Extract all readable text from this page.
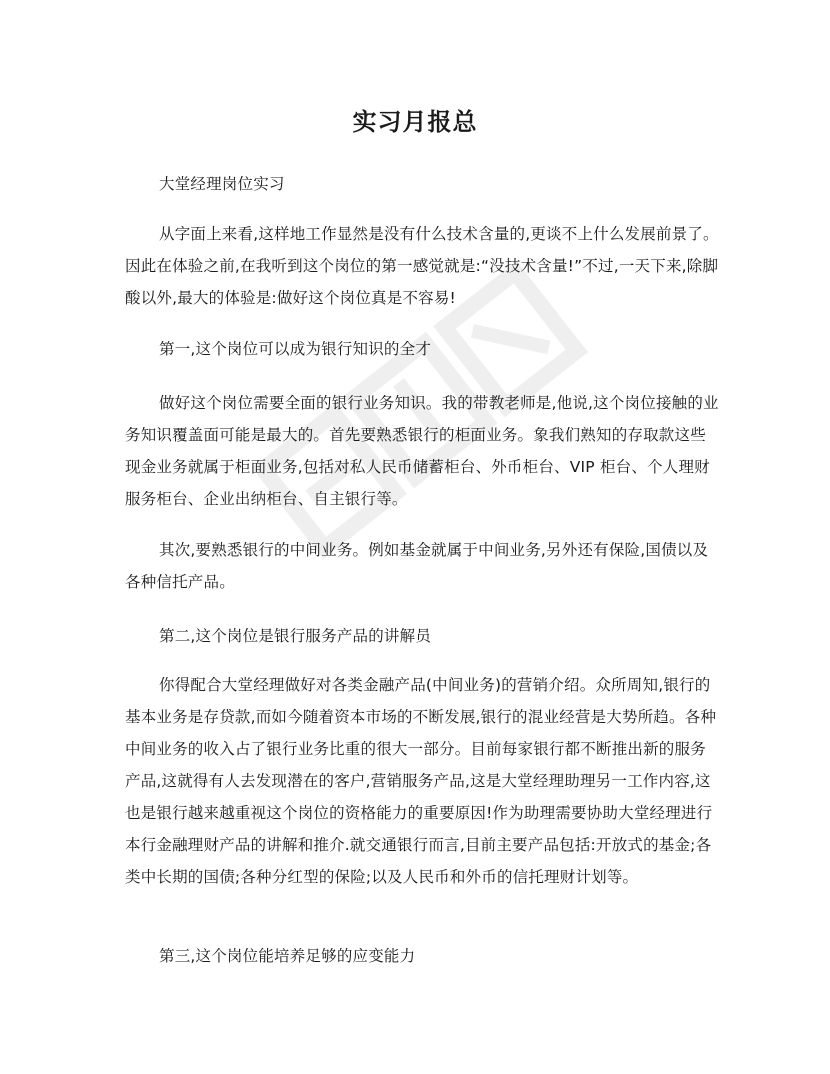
实习月报总
大堂经理岗位实习
从字面上来看,这样地工作显然是没有什么技术含量的,更谈不上什么发展前景了。因此在体验之前,在我听到这个岗位的第一感觉就是:“没技术含量!”不过,一天下来,除脚酸以外,最大的体验是:做好这个岗位真是不容易!
第一,这个岗位可以成为银行知识的全才
做好这个岗位需要全面的银行业务知识。我的带教老师是,他说,这个岗位接触的业务知识覆盖面可能是最大的。首先要熟悉银行的柜面业务。象我们熟知的存取款这些现金业务就属于柜面业务,包括对私人民币储蓄柜台、外币柜台、VIP 柜台、个人理财服务柜台、企业出纳柜台、自主银行等。
其次,要熟悉银行的中间业务。例如基金就属于中间业务,另外还有保险,国债以及各种信托产品。
第二,这个岗位是银行服务产品的讲解员
你得配合大堂经理做好对各类金融产品(中间业务)的营销介绍。众所周知,银行的基本业务是存贷款,而如今随着资本市场的不断发展,银行的混业经营是大势所趋。各种中间业务的收入占了银行业务比重的很大一部分。目前每家银行都不断推出新的服务产品,这就得有人去发现潜在的客户,营销服务产品,这是大堂经理助理另一工作内容,这也是银行越来越重视这个岗位的资格能力的重要原因!作为助理需要协助大堂经理进行本行金融理财产品的讲解和推介.就交通银行而言,目前主要产品包括:开放式的基金;各类中长期的国债;各种分红型的保险;以及人民币和外币的信托理财计划等。
第三,这个岗位能培养足够的应变能力
